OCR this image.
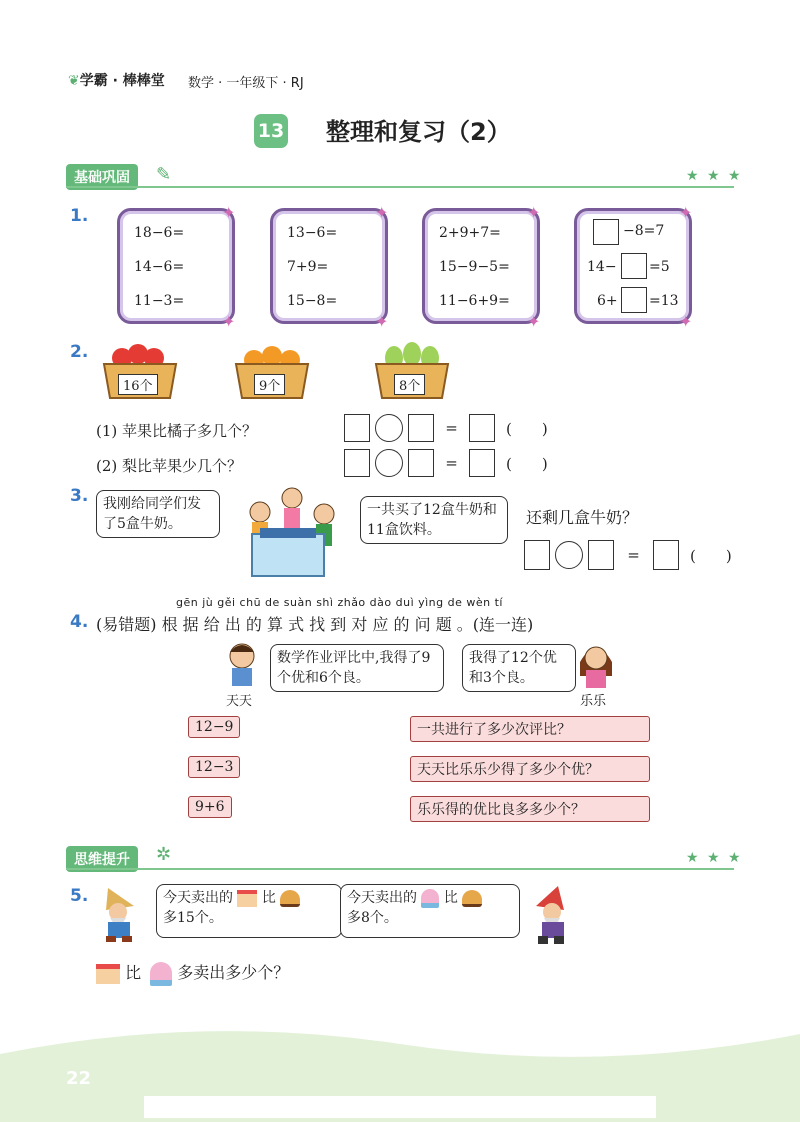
❦学霸 · 棒棒堂 数学 · 一年级下 · RJ
13 整理和复习（2）
基础巩固	✎	★ ★ ★
1.
18−6=
14−6=
11−3=
13−6=
7+9=
15−8=
2+9+7=
15−9−5=
11−6+9=
−8=7
14− =5
6+ =13
✦
✦
✦
✦
✦
✦
✦
✦
2.
16个	9个	8个
(1) 苹果比橘子多几个？	=	(　　)
(2) 梨比苹果少几个？	=	(　　)
3.	我刚给同学们发了5盒牛奶。
一共买了12盒牛奶和11盒饮料。
还剩几盒牛奶？
=	(　　)
gēn jù gěi chū de suàn shì zhǎo dào duì yìng de wèn tí
4. (易错题) 根 据 给 出 的 算 式 找 到 对 应 的 问 题 。(连一连)
天天
数学作业评比中,我得了9个优和6个良。
我得了12个优和3个良。
乐乐
12−9
12−3
9+6
一共进行了多少次评比？
天天比乐乐少得了多少个优？
乐乐得的优比良多多少个？
思维提升	✲	★ ★ ★
5.	今天卖出的 比
多15个。
今天卖出的 比
多8个。
比 多卖出多少个？
22
